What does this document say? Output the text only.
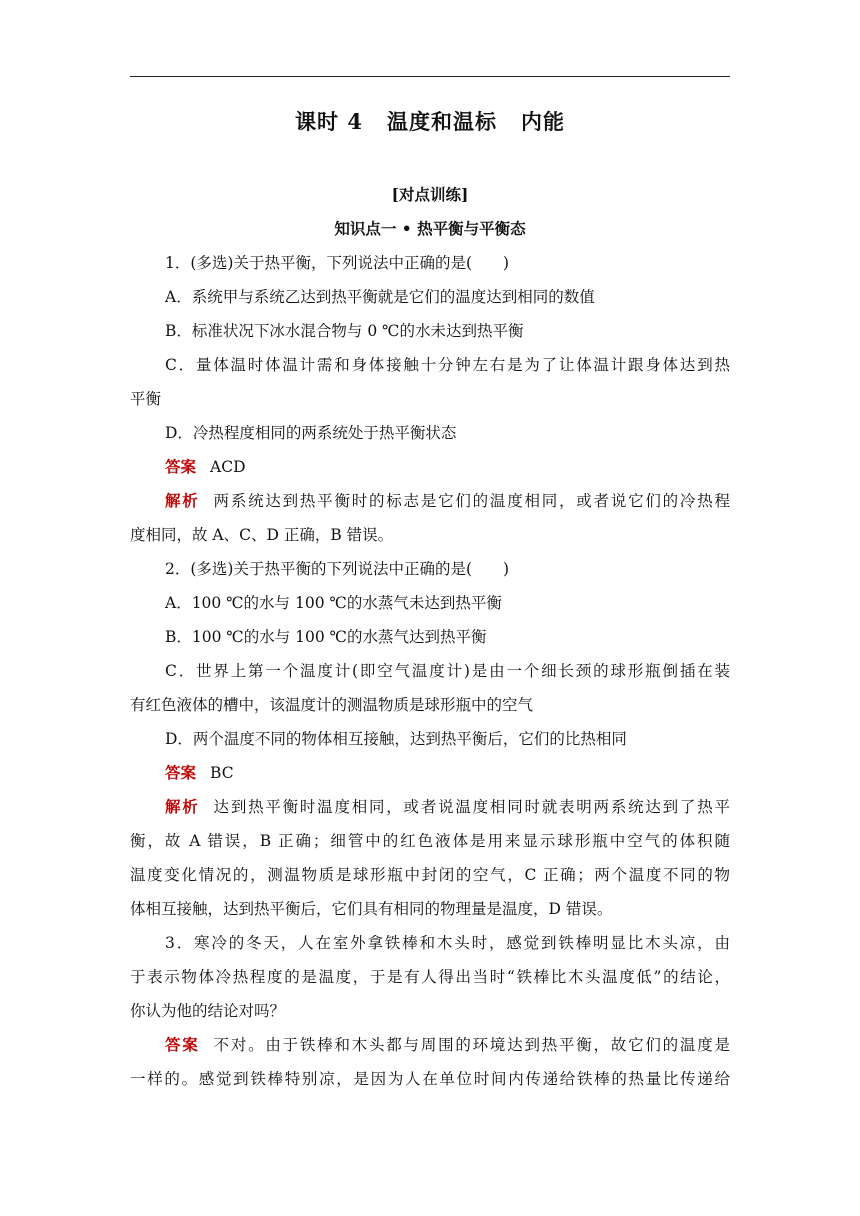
课时 4 温度和温标 内能
[对点训练]
知识点一 • 热平衡与平衡态
1．(多选)关于热平衡，下列说法中正确的是(　　)
A．系统甲与系统乙达到热平衡就是它们的温度达到相同的数值
B．标准状况下冰水混合物与 0 ℃的水未达到热平衡
C．量体温时体温计需和身体接触十分钟左右是为了让体温计跟身体达到热
平衡
D．冷热程度相同的两系统处于热平衡状态
答案 ACD
解析 两系统达到热平衡时的标志是它们的温度相同，或者说它们的冷热程
度相同，故 A、C、D 正确，B 错误。
2．(多选)关于热平衡的下列说法中正确的是(　　)
A．100 ℃的水与 100 ℃的水蒸气未达到热平衡
B．100 ℃的水与 100 ℃的水蒸气达到热平衡
C．世界上第一个温度计(即空气温度计)是由一个细长颈的球形瓶倒插在装
有红色液体的槽中，该温度计的测温物质是球形瓶中的空气
D．两个温度不同的物体相互接触，达到热平衡后，它们的比热相同
答案 BC
解析 达到热平衡时温度相同，或者说温度相同时就表明两系统达到了热平
衡，故 A 错误，B 正确；细管中的红色液体是用来显示球形瓶中空气的体积随
温度变化情况的，测温物质是球形瓶中封闭的空气，C 正确；两个温度不同的物
体相互接触，达到热平衡后，它们具有相同的物理量是温度，D 错误。
3．寒冷的冬天，人在室外拿铁棒和木头时，感觉到铁棒明显比木头凉，由
于表示物体冷热程度的是温度，于是有人得出当时“铁棒比木头温度低”的结论，
你认为他的结论对吗？
答案 不对。由于铁棒和木头都与周围的环境达到热平衡，故它们的温度是
一样的。感觉到铁棒特别凉，是因为人在单位时间内传递给铁棒的热量比传递给
